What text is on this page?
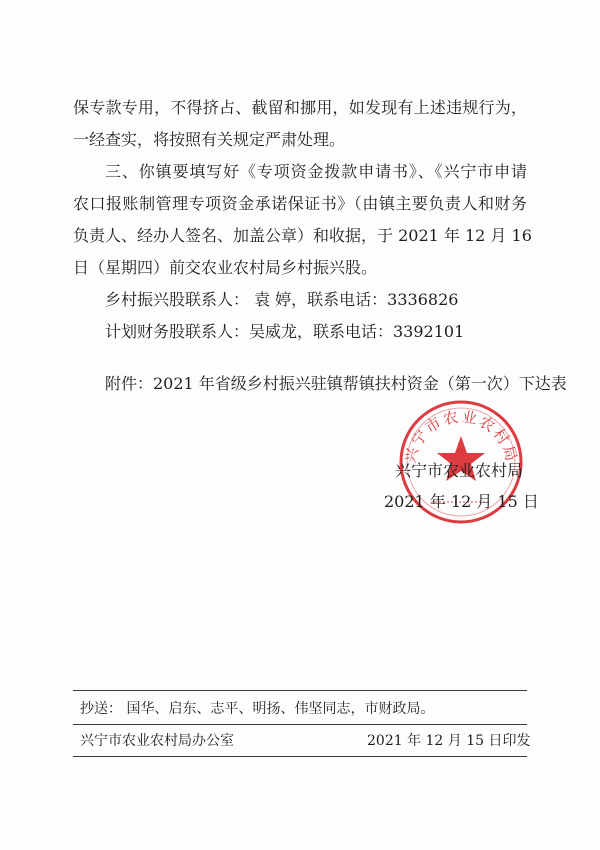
保专款专用，不得挤占、截留和挪用，如发现有上述违规行为，
一经查实，将按照有关规定严肃处理。
三、你镇要填写好《专项资金拨款申请书》、《兴宁市申请
农口报账制管理专项资金承诺保证书》（由镇主要负责人和财务
负责人、经办人签名、加盖公章）和收据，于 2021 年 12 月 16
日（星期四）前交农业农村局乡村振兴股。
乡村振兴股联系人： 袁 婷，联系电话：3336826
计划财务股联系人：吴威龙，联系电话：3392101
附件：2021 年省级乡村振兴驻镇帮镇扶村资金（第一次）下达表
兴宁市农业农村局
兴宁市农业农村局
2021 年 12 月 15 日
抄送： 国华、启东、志平、明扬、伟坚同志，市财政局。
兴宁市农业农村局办公室	2021 年 12 月 15 日印发
